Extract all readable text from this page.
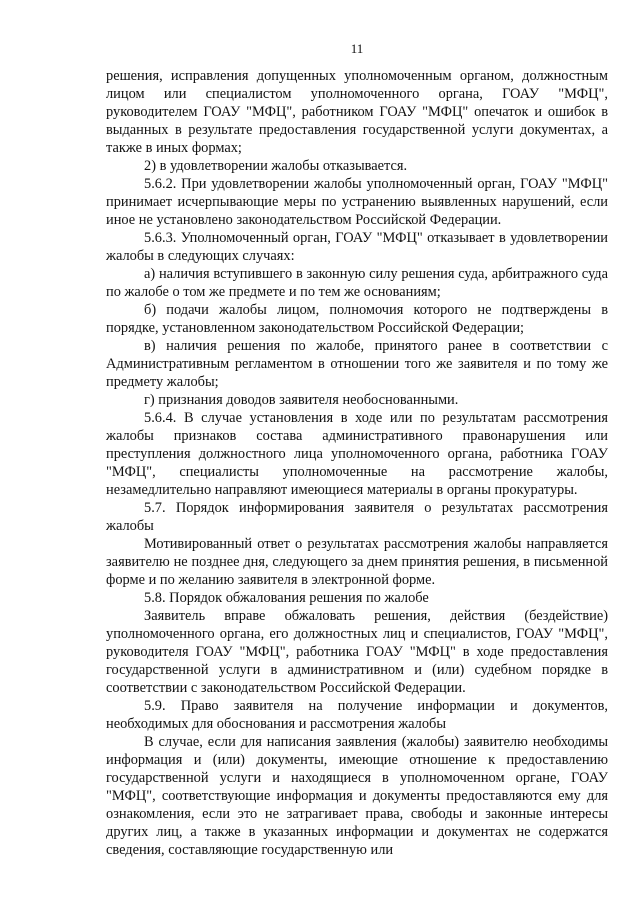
11
решения, исправления допущенных уполномоченным органом, должностным лицом или специалистом уполномоченного органа, ГОАУ "МФЦ", руководителем ГОАУ "МФЦ", работником ГОАУ "МФЦ" опечаток и ошибок в выданных в результате предоставления государственной услуги документах, а также в иных формах;
2) в удовлетворении жалобы отказывается.
5.6.2. При удовлетворении жалобы уполномоченный орган, ГОАУ "МФЦ" принимает исчерпывающие меры по устранению выявленных нарушений, если иное не установлено законодательством Российской Федерации.
5.6.3. Уполномоченный орган, ГОАУ "МФЦ" отказывает в удовлетворении жалобы в следующих случаях:
а) наличия вступившего в законную силу решения суда, арбитражного суда по жалобе о том же предмете и по тем же основаниям;
б) подачи жалобы лицом, полномочия которого не подтверждены в порядке, установленном законодательством Российской Федерации;
в) наличия решения по жалобе, принятого ранее в соответствии с Административным регламентом в отношении того же заявителя и по тому же предмету жалобы;
г) признания доводов заявителя необоснованными.
5.6.4. В случае установления в ходе или по результатам рассмотрения жалобы признаков состава административного правонарушения или преступления должностного лица уполномоченного органа, работника ГОАУ "МФЦ", специалисты уполномоченные на рассмотрение жалобы, незамедлительно направляют имеющиеся материалы в органы прокуратуры.
5.7. Порядок информирования заявителя о результатах рассмотрения жалобы
Мотивированный ответ о результатах рассмотрения жалобы направляется заявителю не позднее дня, следующего за днем принятия решения, в письменной форме и по желанию заявителя в электронной форме.
5.8. Порядок обжалования решения по жалобе
Заявитель вправе обжаловать решения, действия (бездействие) уполномоченного органа, его должностных лиц и специалистов, ГОАУ "МФЦ", руководителя ГОАУ "МФЦ", работника ГОАУ "МФЦ" в ходе предоставления государственной услуги в административном и (или) судебном порядке в соответствии с законодательством Российской Федерации.
5.9. Право заявителя на получение информации и документов, необходимых для обоснования и рассмотрения жалобы
В случае, если для написания заявления (жалобы) заявителю необходимы информация и (или) документы, имеющие отношение к предоставлению государственной услуги и находящиеся в уполномоченном органе, ГОАУ "МФЦ", соответствующие информация и документы предоставляются ему для ознакомления, если это не затрагивает права, свободы и законные интересы других лиц, а также в указанных информации и документах не содержатся сведения, составляющие государственную или
